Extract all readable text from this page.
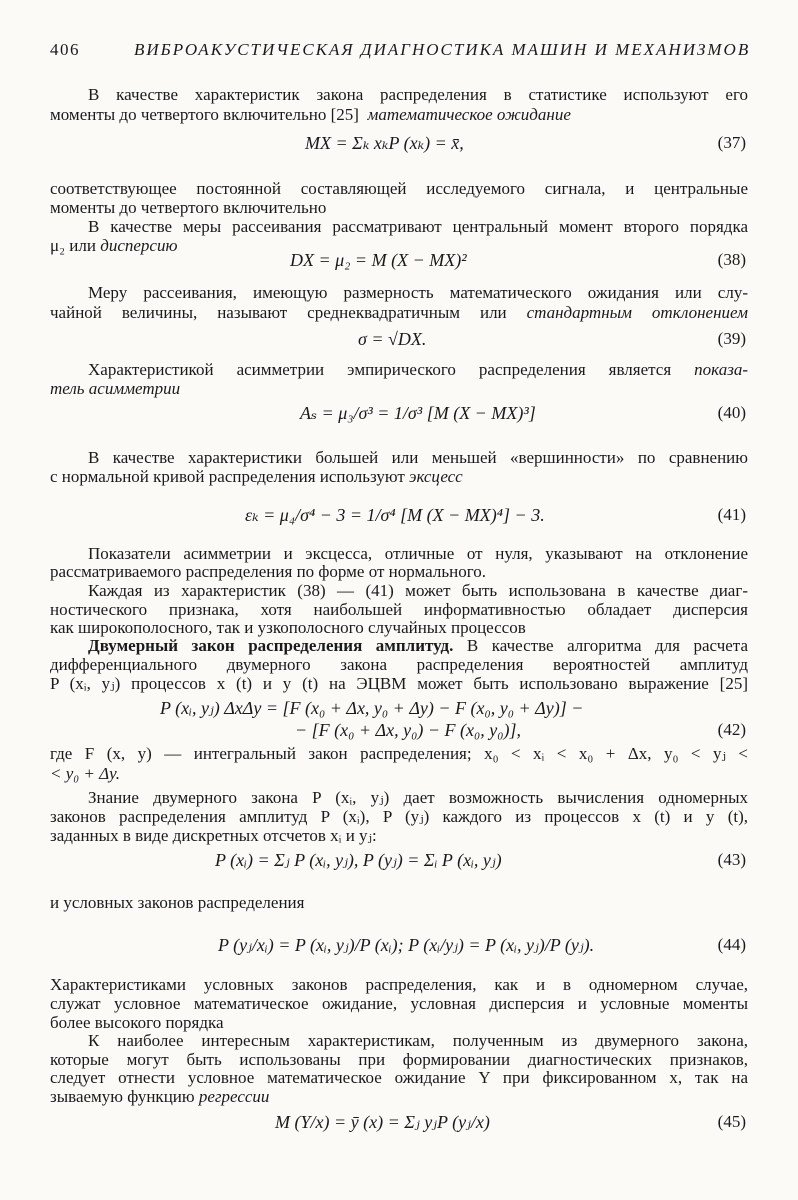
406	ВИБРОАКУСТИЧЕСКАЯ ДИАГНОСТИКА МАШИН И МЕХАНИЗМОВ
В качестве характеристик закона распределения в статистике используют его
моменты до четвертого включительно [25] математическое ожидание
MX = Σₖ xₖP (xₖ) = x̄,	(37)
соответствующее постоянной составляющей исследуемого сигнала, и центральные
моменты до четвертого включительно
В качестве меры рассеивания рассматривают центральный момент второго порядка
μ₂ или дисперсию
DX = μ₂ = M (X − MX)²	(38)
Меру рассеивания, имеющую размерность математического ожидания или слу-
чайной величины, называют среднеквадратичным или стандартным отклонением
σ = √DX.	(39)
Характеристикой асимметрии эмпирического распределения является показа-
тель асимметрии
Aₛ = μ₃/σ³ = 1/σ³ [M (X − MX)³]	(40)
В качестве характеристики большей или меньшей «вершинности» по сравнению
с нормальной кривой распределения используют эксцесс
εₖ = μ₄/σ⁴ − 3 = 1/σ⁴ [M (X − MX)⁴] − 3.	(41)
Показатели асимметрии и эксцесса, отличные от нуля, указывают на отклонение
рассматриваемого распределения по форме от нормального.
Каждая из характеристик (38) — (41) может быть использована в качестве диаг-
ностического признака, хотя наибольшей информативностью обладает дисперсия
как широкополосного, так и узкополосного случайных процессов
Двумерный закон распределения амплитуд. В качестве алгоритма для расчета
дифференциального двумерного закона распределения вероятностей амплитуд
P (xᵢ, yⱼ) процессов x (t) и y (t) на ЭЦВМ может быть использовано выражение [25]
P (xᵢ, yⱼ) ΔxΔy = [F (x₀ + Δx, y₀ + Δy) − F (x₀, y₀ + Δy)] −
− [F (x₀ + Δx, y₀) − F (x₀, y₀)],	(42)
где F (x, y) — интегральный закон распределения; x₀ < xᵢ < x₀ + Δx, y₀ < yⱼ <
< y₀ + Δy.
Знание двумерного закона P (xᵢ, yⱼ) дает возможность вычисления одномерных
законов распределения амплитуд P (xᵢ), P (yⱼ) каждого из процессов x (t) и y (t),
заданных в виде дискретных отсчетов xᵢ и yⱼ:
P (xᵢ) = Σⱼ P (xᵢ, yⱼ), P (yⱼ) = Σᵢ P (xᵢ, yⱼ)	(43)
и условных законов распределения
P (yⱼ/xᵢ) = P (xᵢ, yⱼ)/P (xᵢ); P (xᵢ/yⱼ) = P (xᵢ, yⱼ)/P (yⱼ).	(44)
Характеристиками условных законов распределения, как и в одномерном случае,
служат условное математическое ожидание, условная дисперсия и условные моменты
более высокого порядка
К наиболее интересным характеристикам, полученным из двумерного закона,
которые могут быть использованы при формировании диагностических признаков,
следует отнести условное математическое ожидание Y при фиксированном x, так на
зываемую функцию регрессии
M (Y/x) = ȳ (x) = Σⱼ yⱼP (yⱼ/x)	(45)
